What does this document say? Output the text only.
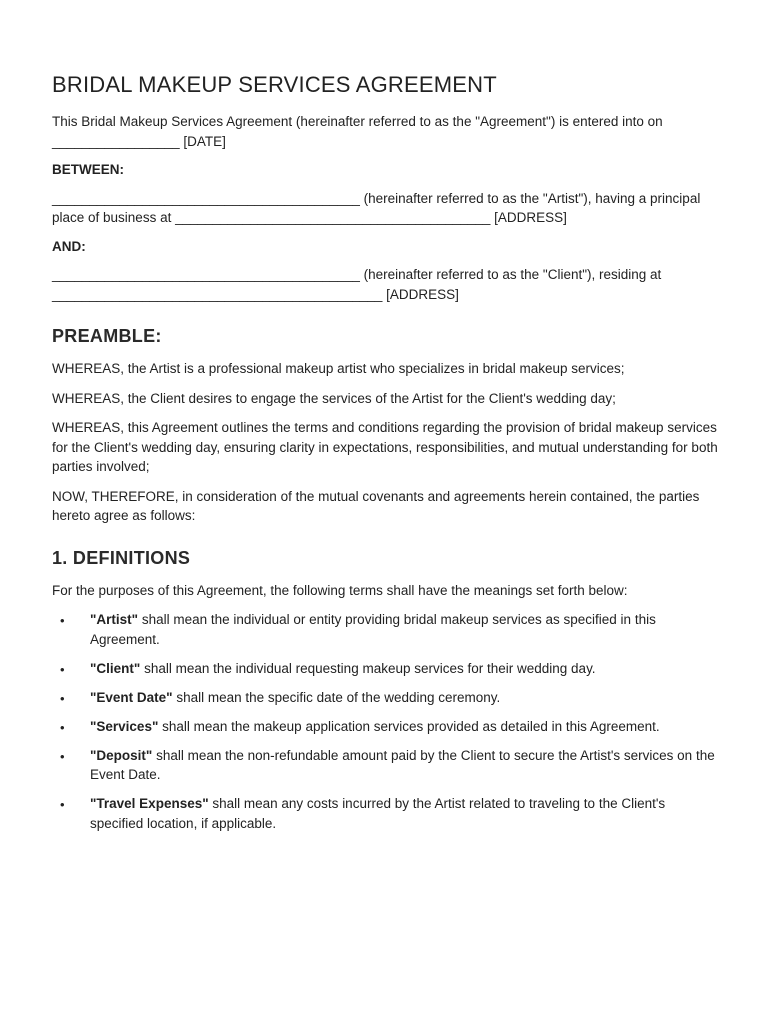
BRIDAL MAKEUP SERVICES AGREEMENT

This Bridal Makeup Services Agreement (hereinafter referred to as the "Agreement") is entered into on _________________ [DATE]

BETWEEN:

_________________________________________ (hereinafter referred to as the "Artist"), having a principal place of business at __________________________________________ [ADDRESS]

AND:

_________________________________________ (hereinafter referred to as the "Client"), residing at ____________________________________________ [ADDRESS]

PREAMBLE:

WHEREAS, the Artist is a professional makeup artist who specializes in bridal makeup services;

WHEREAS, the Client desires to engage the services of the Artist for the Client's wedding day;

WHEREAS, this Agreement outlines the terms and conditions regarding the provision of bridal makeup services for the Client's wedding day, ensuring clarity in expectations, responsibilities, and mutual understanding for both parties involved;

NOW, THEREFORE, in consideration of the mutual covenants and agreements herein contained, the parties hereto agree as follows:

1. DEFINITIONS

For the purposes of this Agreement, the following terms shall have the meanings set forth below:

• "Artist" shall mean the individual or entity providing bridal makeup services as specified in this Agreement.
• "Client" shall mean the individual requesting makeup services for their wedding day.
• "Event Date" shall mean the specific date of the wedding ceremony.
• "Services" shall mean the makeup application services provided as detailed in this Agreement.
• "Deposit" shall mean the non-refundable amount paid by the Client to secure the Artist's services on the Event Date.
• "Travel Expenses" shall mean any costs incurred by the Artist related to traveling to the Client's specified location, if applicable.
